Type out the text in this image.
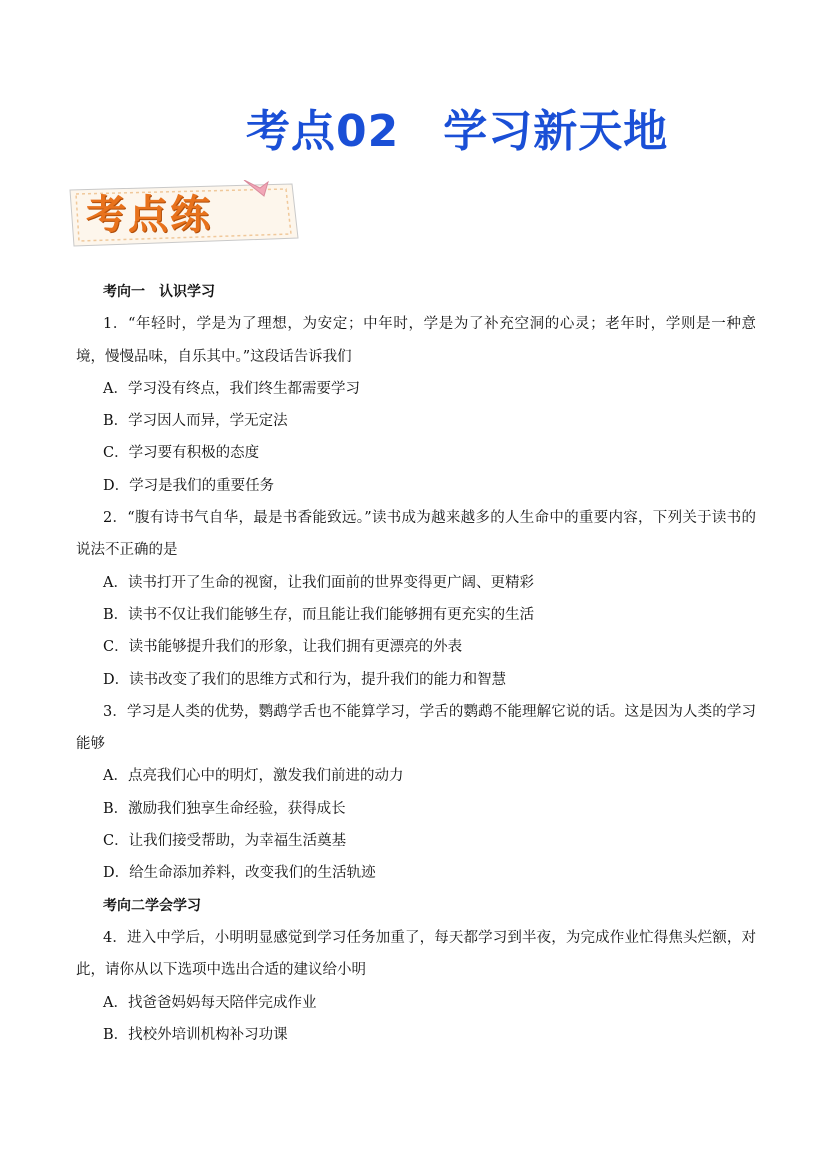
考点02 学习新天地
考点练
考向一　认识学习
1．“年轻时，学是为了理想，为安定；中年时，学是为了补充空洞的心灵；老年时，学则是一种意境，慢慢品味，自乐其中。”这段话告诉我们
A．学习没有终点，我们终生都需要学习
B．学习因人而异，学无定法
C．学习要有积极的态度
D．学习是我们的重要任务
2．“腹有诗书气自华，最是书香能致远。”读书成为越来越多的人生命中的重要内容，下列关于读书的说法不正确的是
A．读书打开了生命的视窗，让我们面前的世界变得更广阔、更精彩
B．读书不仅让我们能够生存，而且能让我们能够拥有更充实的生活
C．读书能够提升我们的形象，让我们拥有更漂亮的外表
D．读书改变了我们的思维方式和行为，提升我们的能力和智慧
3．学习是人类的优势，鹦鹉学舌也不能算学习，学舌的鹦鹉不能理解它说的话。这是因为人类的学习能够
A．点亮我们心中的明灯，激发我们前进的动力
B．激励我们独享生命经验，获得成长
C．让我们接受帮助，为幸福生活奠基
D．给生命添加养料，改变我们的生活轨迹
考向二学会学习
4．进入中学后，小明明显感觉到学习任务加重了，每天都学习到半夜，为完成作业忙得焦头烂额，对此，请你从以下选项中选出合适的建议给小明
A．找爸爸妈妈每天陪伴完成作业
B．找校外培训机构补习功课
